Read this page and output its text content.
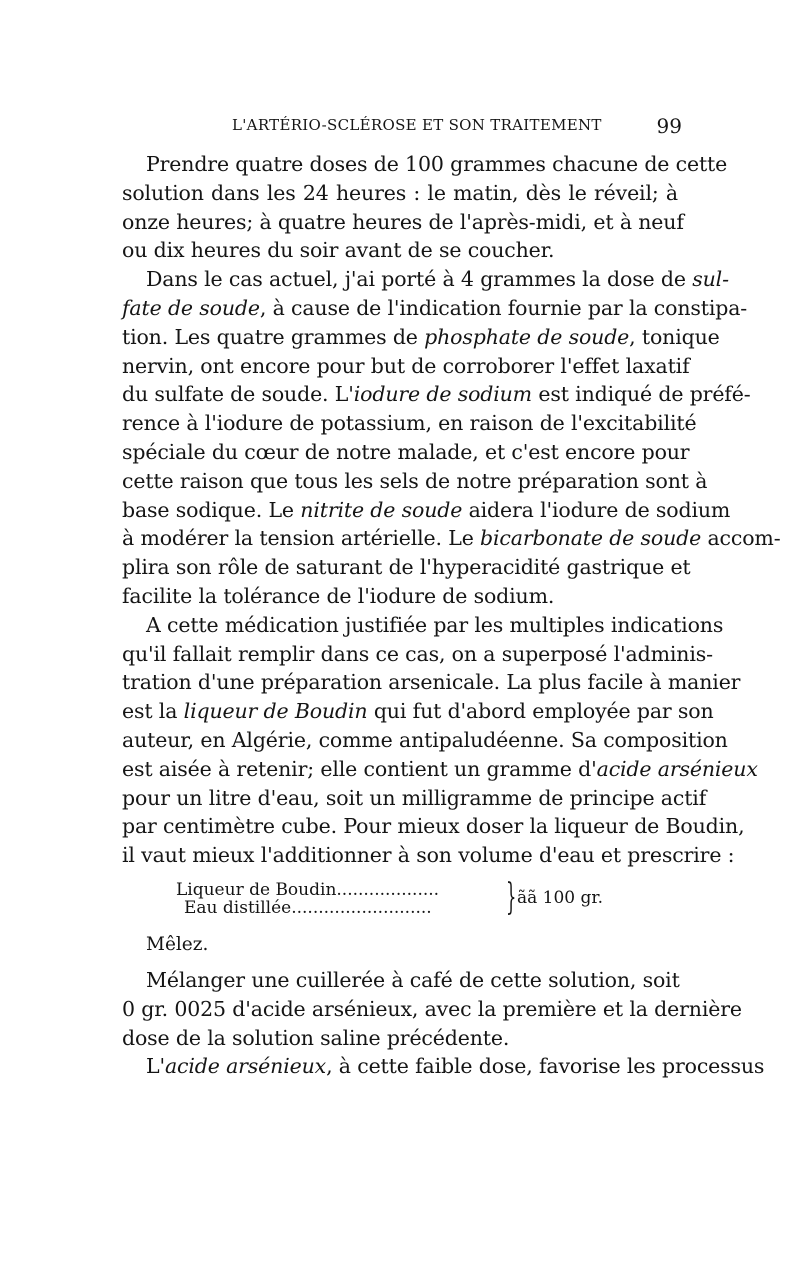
L'ARTÉRIO-SCLÉROSE ET SON TRAITEMENT	99
Prendre quatre doses de 100 grammes chacune de cette
solution dans les 24 heures : le matin, dès le réveil; à
onze heures; à quatre heures de l'après-midi, et à neuf
ou dix heures du soir avant de se coucher.
Dans le cas actuel, j'ai porté à 4 grammes la dose de sul-
fate de soude, à cause de l'indication fournie par la constipa-
tion. Les quatre grammes de phosphate de soude, tonique
nervin, ont encore pour but de corroborer l'effet laxatif
du sulfate de soude. L'iodure de sodium est indiqué de préfé-
rence à l'iodure de potassium, en raison de l'excitabilité
spéciale du cœur de notre malade, et c'est encore pour
cette raison que tous les sels de notre préparation sont à
base sodique. Le nitrite de soude aidera l'iodure de sodium
à modérer la tension artérielle. Le bicarbonate de soude accom-
plira son rôle de saturant de l'hyperacidité gastrique et
facilite la tolérance de l'iodure de sodium.
A cette médication justifiée par les multiples indications
qu'il fallait remplir dans ce cas, on a superposé l'adminis-
tration d'une préparation arsenicale. La plus facile à manier
est la liqueur de Boudin qui fut d'abord employée par son
auteur, en Algérie, comme antipaludéenne. Sa composition
est aisée à retenir; elle contient un gramme d'acide arsénieux
pour un litre d'eau, soit un milligramme de principe actif
par centimètre cube. Pour mieux doser la liqueur de Boudin,
il vaut mieux l'additionner à son volume d'eau et prescrire :
Liqueur de Boudin...................
Eau distillée.......................... } ãã 100 gr.
Mêlez.
Mélanger une cuillerée à café de cette solution, soit
0 gr. 0025 d'acide arsénieux, avec la première et la dernière
dose de la solution saline précédente.
L'acide arsénieux, à cette faible dose, favorise les processus
